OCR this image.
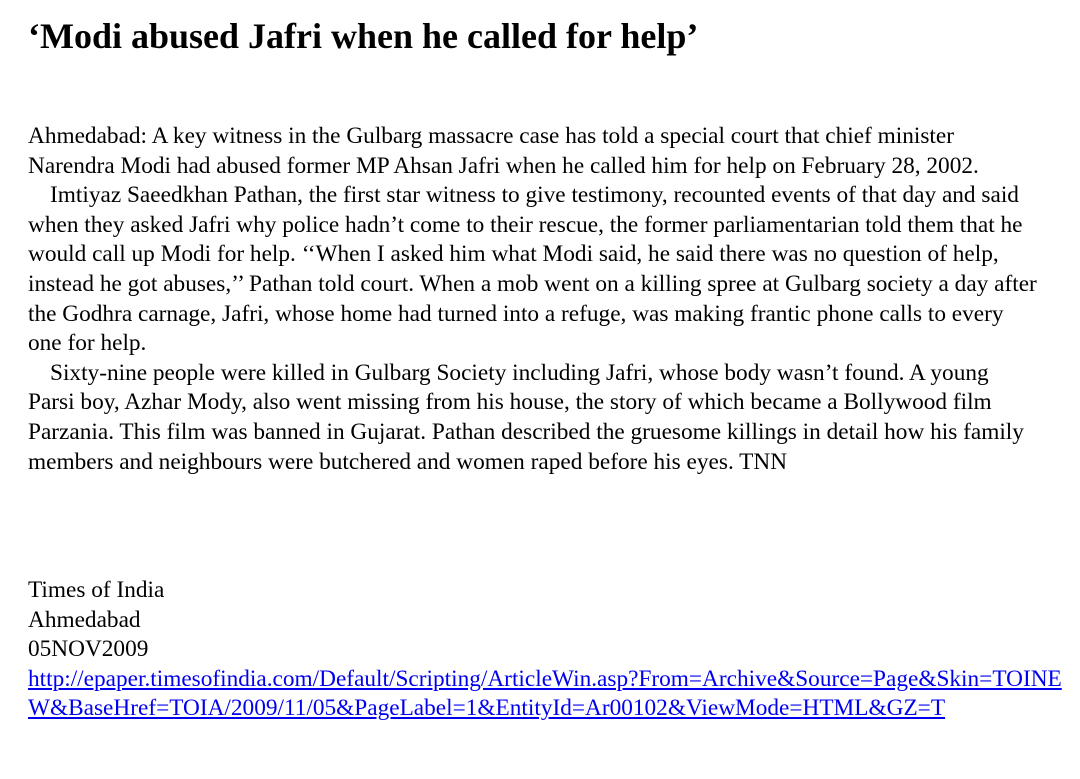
‘Modi abused Jafri when he called for help’

Ahmedabad: A key witness in the Gulbarg massacre case has told a special court that chief minister Narendra Modi had abused former MP Ahsan Jafri when he called him for help on February 28, 2002.

Imtiyaz Saeedkhan Pathan, the first star witness to give testimony, recounted events of that day and said when they asked Jafri why police hadn’t come to their rescue, the former parliamentarian told them that he would call up Modi for help. ‘‘When I asked him what Modi said, he said there was no question of help, instead he got abuses,’’ Pathan told court. When a mob went on a killing spree at Gulbarg society a day after the Godhra carnage, Jafri, whose home had turned into a refuge, was making frantic phone calls to every one for help.

Sixty-nine people were killed in Gulbarg Society including Jafri, whose body wasn’t found. A young Parsi boy, Azhar Mody, also went missing from his house, the story of which became a Bollywood film Parzania. This film was banned in Gujarat. Pathan described the gruesome killings in detail how his family members and neighbours were butchered and women raped before his eyes. TNN

Times of India
Ahmedabad
05NOV2009
http://epaper.timesofindia.com/Default/Scripting/ArticleWin.asp?From=Archive&Source=Page&Skin=TOINEW&BaseHref=TOIA/2009/11/05&PageLabel=1&EntityId=Ar00102&ViewMode=HTML&GZ=T
